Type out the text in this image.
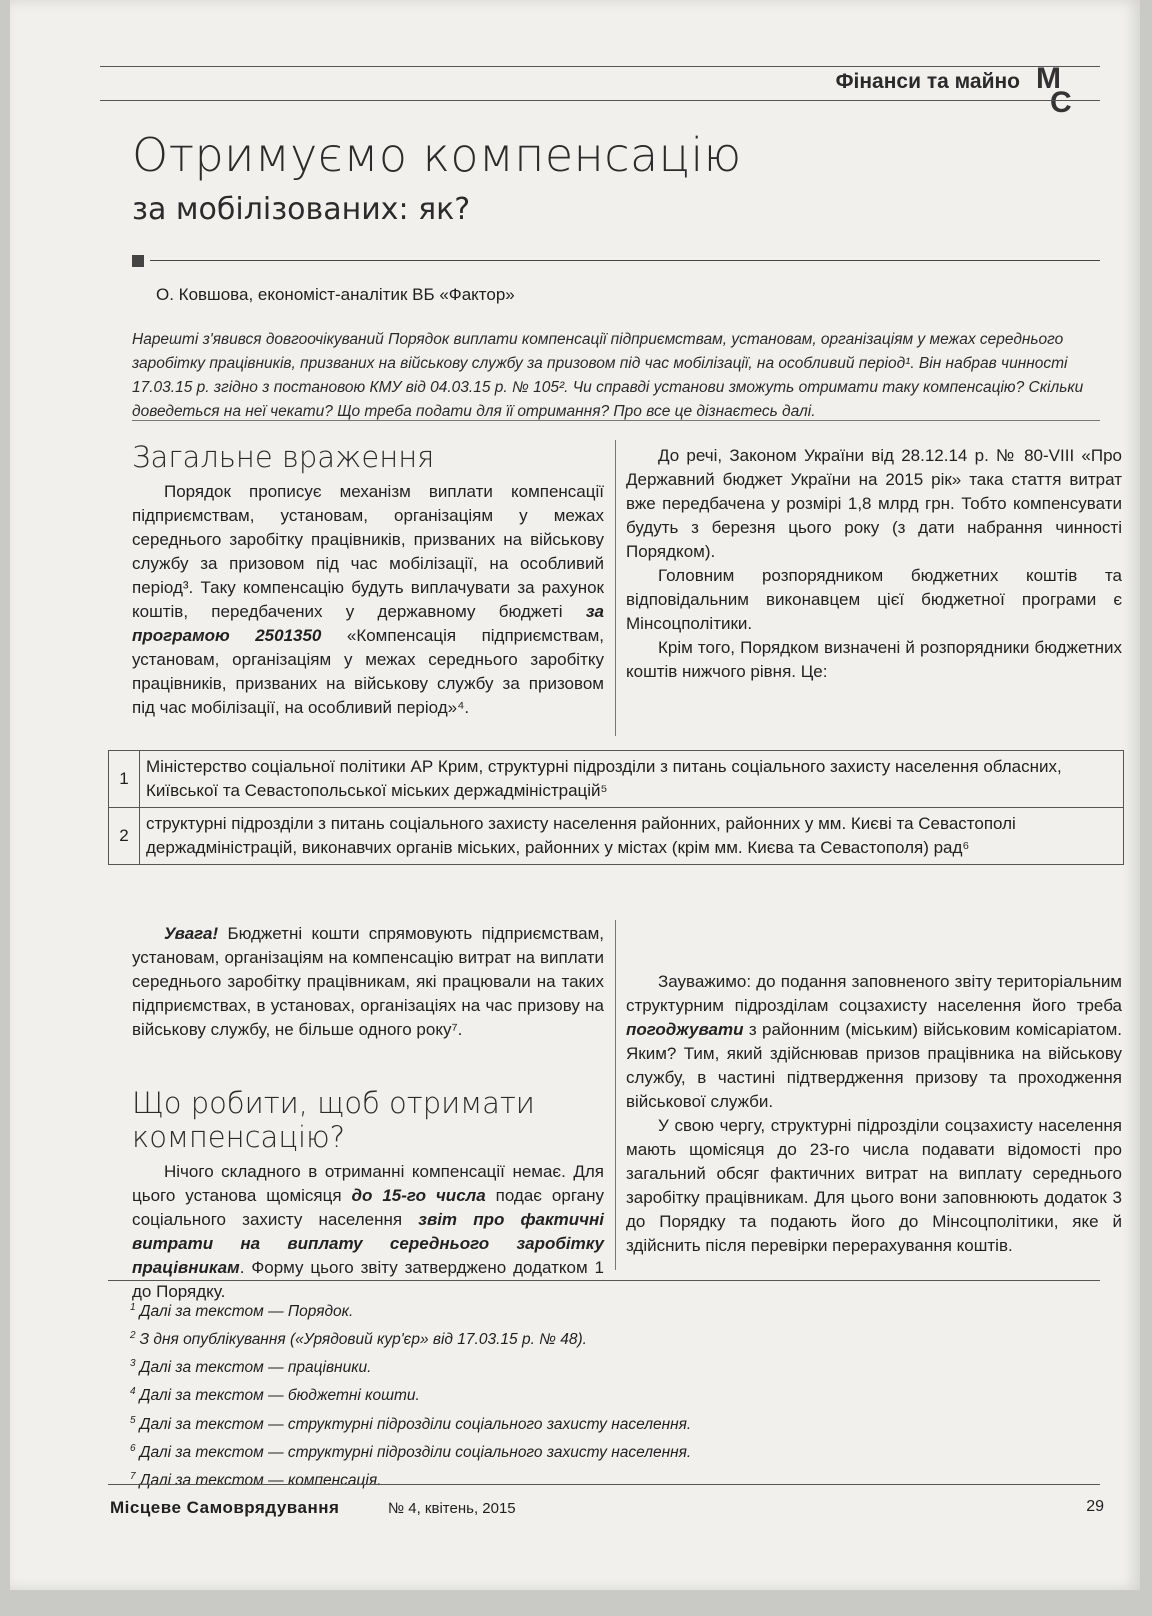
Фінанси та майно М
С
Отримуємо компенсацію
за мобілізованих: як?
О. Ковшова, економіст-аналітик ВБ «Фактор»
Нарешті з'явився довгоочікуваний Порядок виплати компенсації підприємствам, установам, організаціям у межах середнього заробітку працівників, призваних на військову службу за призовом під час мобілізації, на особливий період¹. Він набрав чинності 17.03.15 р. згідно з постановою КМУ від 04.03.15 р. № 105². Чи справді установи зможуть отримати таку компенсацію? Скільки доведеться на неї чекати? Що треба подати для її отримання? Про все це дізнаєтесь далі.
Загальне враження

Порядок прописує механізм виплати компенсації підприємствам, установам, організаціям у межах середнього заробітку працівників, призваних на військову службу за призовом під час мобілізації, на особливий період³. Таку компенсацію будуть виплачувати за рахунок коштів, передбачених у державному бюджеті за програмою 2501350 «Компенсація підприємствам, установам, організаціям у межах середнього заробітку працівників, призваних на військову службу за призовом під час мобілізації, на особливий період»⁴.

До речі, Законом України від 28.12.14 р. № 80-VIII «Про Державний бюджет України на 2015 рік» така стаття витрат вже передбачена у розмірі 1,8 млрд грн. Тобто компенсувати будуть з березня цього року (з дати набрання чинності Порядком).

Головним розпорядником бюджетних коштів та відповідальним виконавцем цієї бюджетної програми є Мінсоцполітики.

Крім того, Порядком визначені й розпорядники бюджетних коштів нижчого рівня. Це:

1	Міністерство соціальної політики АР Крим, структурні підрозділи з питань соціального захисту населення обласних, Київської та Севастопольської міських держадміністрацій⁵
2	структурні підрозділи з питань соціального захисту населення районних, районних у мм. Києві та Севастополі держадміністрацій, виконавчих органів міських, районних у містах (крім мм. Києва та Севастополя) рад⁶

Увага! Бюджетні кошти спрямовують підприємствам, установам, організаціям на компенсацію витрат на виплати середнього заробітку працівникам, які працювали на таких підприємствах, в установах, організаціях на час призову на військову службу, не більше одного року⁷.

Що робити, щоб отримати компенсацію?

Нічого складного в отриманні компенсації немає. Для цього установа щомісяця до 15-го числа подає органу соціального захисту населення звіт про фактичні витрати на виплату середнього заробітку працівникам. Форму цього звіту затверджено додатком 1 до Порядку.

Зауважимо: до подання заповненого звіту територіальним структурним підрозділам соцзахисту населення його треба погоджувати з районним (міським) військовим комісаріатом. Яким? Тим, який здійснював призов працівника на військову службу, в частині підтвердження призову та проходження військової служби.

У свою чергу, структурні підрозділи соцзахисту населення мають щомісяця до 23-го числа подавати відомості про загальний обсяг фактичних витрат на виплату середнього заробітку працівникам. Для цього вони заповнюють додаток 3 до Порядку та подають його до Мінсоцполітики, яке й здійснить після перевірки перерахування коштів.

$^1$ Далі за текстом — Порядок.
$^2$ З дня опублікування («Урядовий кур'єр» від 17.03.15 р. № 48).
$^3$ Далі за текстом — працівники.
$^4$ Далі за текстом — бюджетні кошти.
$^5$ Далі за текстом — структурні підрозділи соціального захисту населення.
$^6$ Далі за текстом — структурні підрозділи соціального захисту населення.
$^7$ Далі за текстом — компенсація.
Місцеве Самоврядування	№ 4, квітень, 2015	29
